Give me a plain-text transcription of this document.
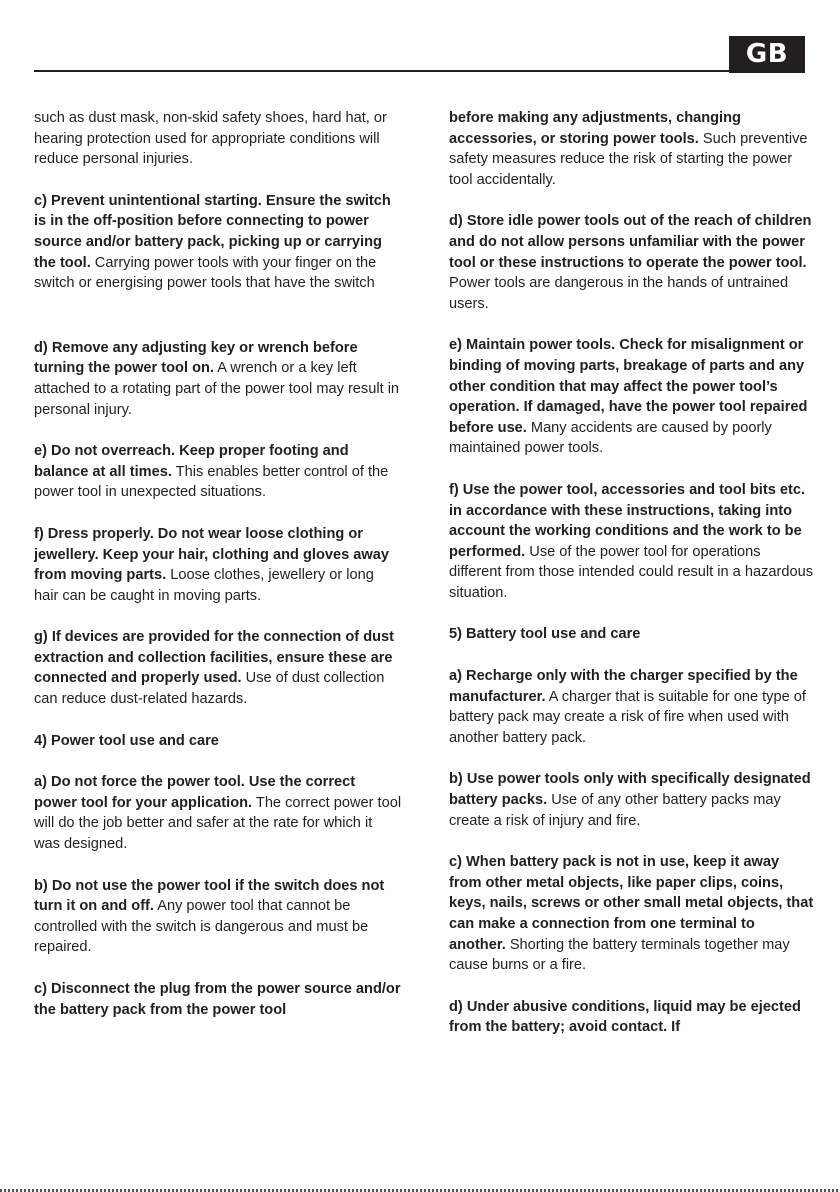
GB

such as dust mask, non-skid safety shoes, hard hat, or hearing protection used for appropriate conditions will reduce personal injuries.

c) Prevent unintentional starting. Ensure the switch is in the off-position before connecting to power source and/or battery pack, picking up or carrying the tool. Carrying power tools with your finger on the switch or energising power tools that have the switch

d) Remove any adjusting key or wrench before turning the power tool on. A wrench or a key left attached to a rotating part of the power tool may result in personal injury.

e) Do not overreach. Keep proper footing and balance at all times. This enables better control of the power tool in unexpected situations.

f) Dress properly. Do not wear loose clothing or jewellery. Keep your hair, clothing and gloves away from moving parts. Loose clothes, jewellery or long hair can be caught in moving parts.

g) If devices are provided for the connection of dust extraction and collection facilities, ensure these are connected and properly used. Use of dust collection can reduce dust-related hazards.

4) Power tool use and care

a) Do not force the power tool. Use the correct power tool for your application. The correct power tool will do the job better and safer at the rate for which it was designed.

b) Do not use the power tool if the switch does not turn it on and off. Any power tool that cannot be controlled with the switch is dangerous and must be repaired.

c) Disconnect the plug from the power source and/or the battery pack from the power tool

before making any adjustments, changing accessories, or storing power tools. Such preventive safety measures reduce the risk of starting the power tool accidentally.

d) Store idle power tools out of the reach of children and do not allow persons unfamiliar with the power tool or these instructions to operate the power tool. Power tools are dangerous in the hands of untrained users.

e) Maintain power tools. Check for misalignment or binding of moving parts, breakage of parts and any other condition that may affect the power tool’s operation. If damaged, have the power tool repaired before use. Many accidents are caused by poorly maintained power tools.

f) Use the power tool, accessories and tool bits etc. in accordance with these instructions, taking into account the working conditions and the work to be performed. Use of the power tool for operations different from those intended could result in a hazardous situation.

5) Battery tool use and care

a) Recharge only with the charger specified by the manufacturer. A charger that is suitable for one type of battery pack may create a risk of fire when used with another battery pack.

b) Use power tools only with specifically designated battery packs. Use of any other battery packs may create a risk of injury and fire.

c) When battery pack is not in use, keep it away from other metal objects, like paper clips, coins, keys, nails, screws or other small metal objects, that can make a connection from one terminal to another. Shorting the battery terminals together may cause burns or a fire.

d) Under abusive conditions, liquid may be ejected from the battery; avoid contact. If
